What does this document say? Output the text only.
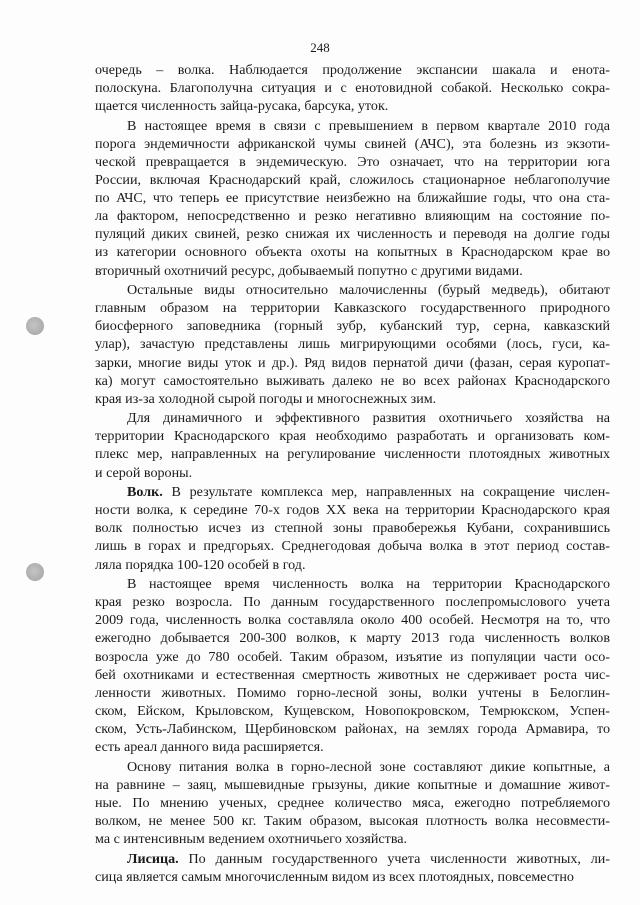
248
очередь – волка. Наблюдается продолжение экспансии шакала и енота-
полоскуна. Благополучна ситуация и с енотовидной собакой. Несколько сокра-
щается численность зайца-русака, барсука, уток.
В настоящее время в связи с превышением в первом квартале 2010 года
порога эндемичности африканской чумы свиней (АЧС), эта болезнь из экзоти-
ческой превращается в эндемическую. Это означает, что на территории юга
России, включая Краснодарский край, сложилось стационарное неблагополучие
по АЧС, что теперь ее присутствие неизбежно на ближайшие годы, что она ста-
ла фактором, непосредственно и резко негативно влияющим на состояние по-
пуляций диких свиней, резко снижая их численность и переводя на долгие годы
из категории основного объекта охоты на копытных в Краснодарском крае во
вторичный охотничий ресурс, добываемый попутно с другими видами.
Остальные виды относительно малочисленны (бурый медведь), обитают
главным образом на территории Кавказского государственного природного
биосферного заповедника (горный зубр, кубанский тур, серна, кавказский
улар), зачастую представлены лишь мигрирующими особями (лось, гуси, ка-
зарки, многие виды уток и др.). Ряд видов пернатой дичи (фазан, серая куропат-
ка) могут самостоятельно выживать далеко не во всех районах Краснодарского
края из-за холодной сырой погоды и многоснежных зим.
Для динамичного и эффективного развития охотничьего хозяйства на
территории Краснодарского края необходимо разработать и организовать ком-
плекс мер, направленных на регулирование численности плотоядных животных
и серой вороны.
Волк. В результате комплекса мер, направленных на сокращение числен-
ности волка, к середине 70-х годов XX века на территории Краснодарского края
волк полностью исчез из степной зоны правобережья Кубани, сохранившись
лишь в горах и предгорьях. Среднегодовая добыча волка в этот период состав-
ляла порядка 100-120 особей в год.
В настоящее время численность волка на территории Краснодарского
края резко возросла. По данным государственного послепромыслового учета
2009 года, численность волка составляла около 400 особей. Несмотря на то, что
ежегодно добывается 200-300 волков, к марту 2013 года численность волков
возросла уже до 780 особей. Таким образом, изъятие из популяции части осо-
бей охотниками и естественная смертность животных не сдерживает роста чис-
ленности животных. Помимо горно-лесной зоны, волки учтены в Белоглин-
ском, Ейском, Крыловском, Кущевском, Новопокровском, Темрюкском, Успен-
ском, Усть-Лабинском, Щербиновском районах, на землях города Армавира, то
есть ареал данного вида расширяется.
Основу питания волка в горно-лесной зоне составляют дикие копытные, а
на равнине – заяц, мышевидные грызуны, дикие копытные и домашние живот-
ные. По мнению ученых, среднее количество мяса, ежегодно потребляемого
волком, не менее 500 кг. Таким образом, высокая плотность волка несовмести-
ма с интенсивным ведением охотничьего хозяйства.
Лисица. По данным государственного учета численности животных, ли-
сица является самым многочисленным видом из всех плотоядных, повсеместно
